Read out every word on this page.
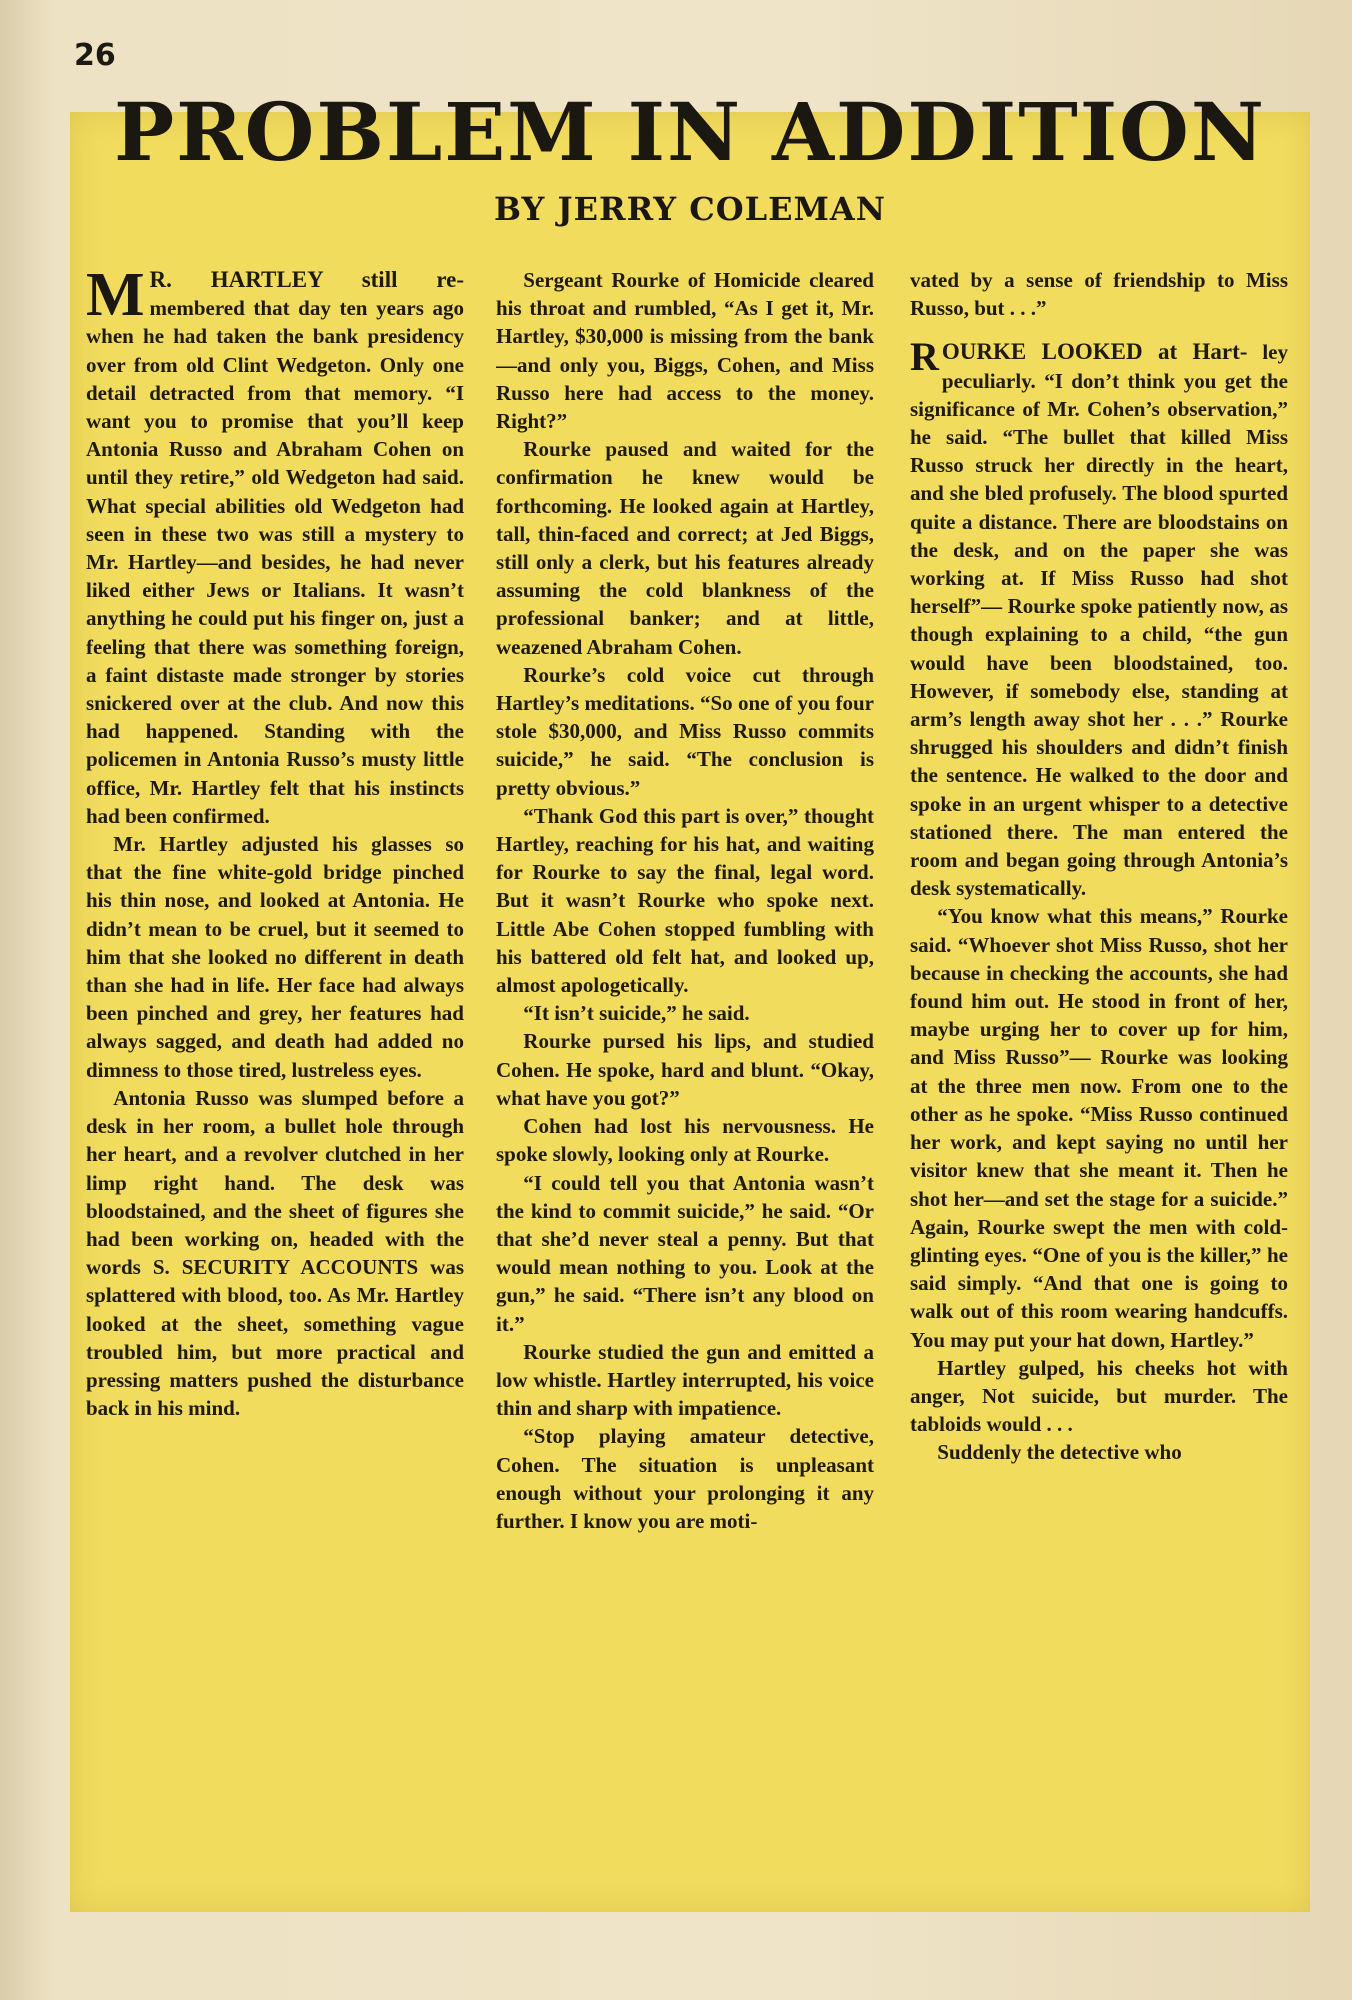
26
PROBLEM IN ADDITION
BY JERRY COLEMAN

M R. HARTLEY still re- membered that day ten years ago when he had taken the bank presidency over from old Clint Wedgeton. Only one detail detracted from that memory. “I want you to promise that you’ll keep Antonia Russo and Abraham Cohen on until they retire,” old Wedgeton had said. What special abilities old Wedgeton had seen in these two was still a mystery to Mr. Hartley—and besides, he had never liked either Jews or Italians. It wasn’t anything he could put his finger on, just a feeling that there was something foreign, a faint distaste made stronger by stories snickered over at the club. And now this had happened. Standing with the policemen in Antonia Russo’s musty little office, Mr. Hartley felt that his instincts had been confirmed.

Mr. Hartley adjusted his glasses so that the fine white-gold bridge pinched his thin nose, and looked at Antonia. He didn’t mean to be cruel, but it seemed to him that she looked no different in death than she had in life. Her face had always been pinched and grey, her features had always sagged, and death had added no dimness to those tired, lustreless eyes.

Antonia Russo was slumped before a desk in her room, a bullet hole through her heart, and a revolver clutched in her limp right hand. The desk was bloodstained, and the sheet of figures she had been working on, headed with the words S. SECURITY ACCOUNTS was splattered with blood, too. As Mr. Hartley looked at the sheet, something vague troubled him, but more practical and pressing matters pushed the disturbance back in his mind.

Sergeant Rourke of Homicide cleared his throat and rumbled, “As I get it, Mr. Hartley, $30,000 is missing from the bank—and only you, Biggs, Cohen, and Miss Russo here had access to the money. Right?”

Rourke paused and waited for the confirmation he knew would be forthcoming. He looked again at Hartley, tall, thin-faced and correct; at Jed Biggs, still only a clerk, but his features already assuming the cold blankness of the professional banker; and at little, weazened Abraham Cohen.

Rourke’s cold voice cut through Hartley’s meditations. “So one of you four stole $30,000, and Miss Russo commits suicide,” he said. “The conclusion is pretty obvious.”

“Thank God this part is over,” thought Hartley, reaching for his hat, and waiting for Rourke to say the final, legal word. But it wasn’t Rourke who spoke next. Little Abe Cohen stopped fumbling with his battered old felt hat, and looked up, almost apologetically.

“It isn’t suicide,” he said.

Rourke pursed his lips, and studied Cohen. He spoke, hard and blunt. “Okay, what have you got?”

Cohen had lost his nervousness. He spoke slowly, looking only at Rourke.

“I could tell you that Antonia wasn’t the kind to commit suicide,” he said. “Or that she’d never steal a penny. But that would mean nothing to you. Look at the gun,” he said. “There isn’t any blood on it.”

Rourke studied the gun and emitted a low whistle. Hartley interrupted, his voice thin and sharp with impatience.

“Stop playing amateur detective, Cohen. The situation is unpleasant enough without your prolonging it any further. I know you are moti-

vated by a sense of friendship to Miss Russo, but . . .”

ROURKE LOOKED at Hart- ley peculiarly. “I don’t think you get the significance of Mr. Cohen’s observation,” he said. “The bullet that killed Miss Russo struck her directly in the heart, and she bled profusely. The blood spurted quite a distance. There are bloodstains on the desk, and on the paper she was working at. If Miss Russo had shot herself”— Rourke spoke patiently now, as though explaining to a child, “the gun would have been bloodstained, too. However, if somebody else, standing at arm’s length away shot her . . .” Rourke shrugged his shoulders and didn’t finish the sentence. He walked to the door and spoke in an urgent whisper to a detective stationed there. The man entered the room and began going through Antonia’s desk systematically.

“You know what this means,” Rourke said. “Whoever shot Miss Russo, shot her because in checking the accounts, she had found him out. He stood in front of her, maybe urging her to cover up for him, and Miss Russo”— Rourke was looking at the three men now. From one to the other as he spoke. “Miss Russo continued her work, and kept saying no until her visitor knew that she meant it. Then he shot her—and set the stage for a suicide.” Again, Rourke swept the men with cold-glinting eyes. “One of you is the killer,” he said simply. “And that one is going to walk out of this room wearing handcuffs. You may put your hat down, Hartley.”

Hartley gulped, his cheeks hot with anger, Not suicide, but murder. The tabloids would . . .

Suddenly the detective who
